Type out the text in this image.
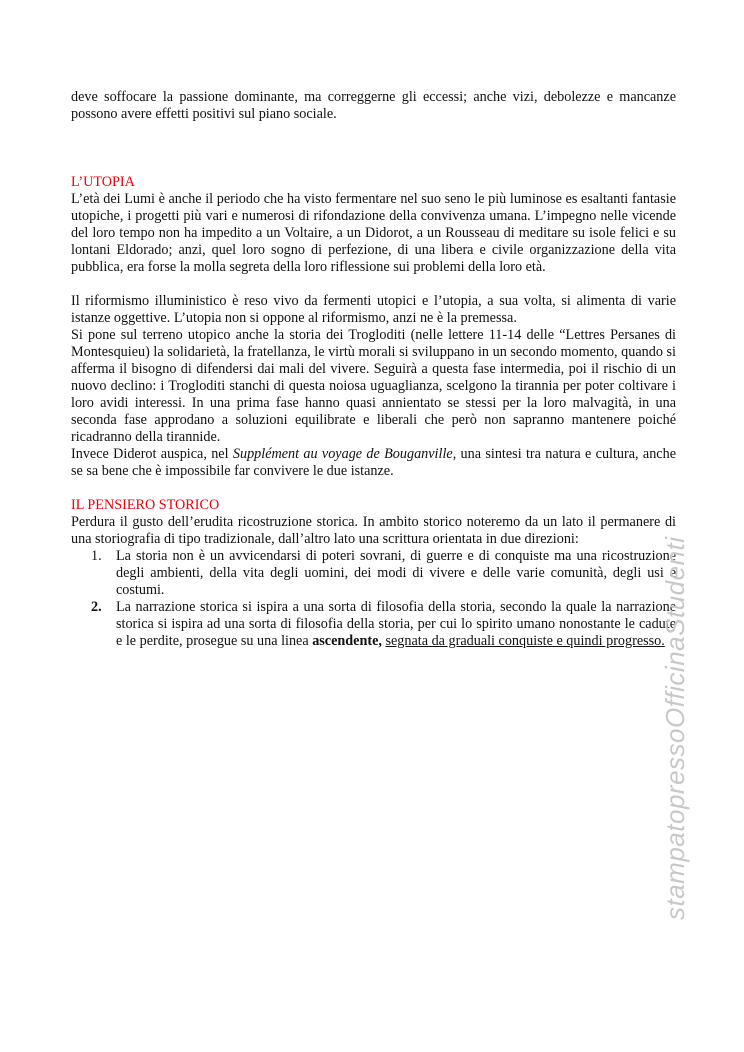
deve soffocare la passione dominante, ma correggerne gli eccessi; anche vizi, debolezze e mancanze possono avere effetti positivi sul piano sociale.

L’UTOPIA

L’età dei Lumi è anche il periodo che ha visto fermentare nel suo seno le più luminose es esaltanti fantasie utopiche, i progetti più vari e numerosi di rifondazione della convivenza umana. L’impegno nelle vicende del loro tempo non ha impedito a un Voltaire, a un Didorot, a un Rousseau di meditare su isole felici e su lontani Eldorado; anzi, quel loro sogno di perfezione, di una libera e civile organizzazione della vita pubblica, era forse la molla segreta della loro riflessione sui problemi della loro età.

Il riformismo illuministico è reso vivo da fermenti utopici e l’utopia, a sua volta, si alimenta di varie istanze oggettive. L’utopia non si oppone al riformismo, anzi ne è la premessa.

Si pone sul terreno utopico anche la storia dei Trogloditi (nelle lettere 11-14 delle “Lettres Persanes di Montesquieu) la solidarietà, la fratellanza, le virtù morali si sviluppano in un secondo momento, quando si afferma il bisogno di difendersi dai mali del vivere. Seguirà a questa fase intermedia, poi il rischio di un nuovo declino: i Trogloditi stanchi di questa noiosa uguaglianza, scelgono la tirannia per poter coltivare i loro avidi interessi. In una prima fase hanno quasi annientato se stessi per la loro malvagità, in una seconda fase approdano a soluzioni equilibrate e liberali che però non sapranno mantenere poiché ricadranno della tirannide.

Invece Diderot auspica, nel Supplément au voyage de Bouganville, una sintesi tra natura e cultura, anche se sa bene che è impossibile far convivere le due istanze.

IL PENSIERO STORICO

Perdura il gusto dell’erudita ricostruzione storica. In ambito storico noteremo da un lato il permanere di una storiografia di tipo tradizionale, dall’altro lato una scrittura orientata in due direzioni:

1. La storia non è un avvicendarsi di poteri sovrani, di guerre e di conquiste ma una ricostruzione degli ambienti, della vita degli uomini, dei modi di vivere e delle varie comunità, degli usi e costumi.
2. La narrazione storica si ispira a una sorta di filosofia della storia, secondo la quale la narrazione storica si ispira ad una sorta di filosofia della storia, per cui lo spirito umano nonostante le cadute e le perdite, prosegue su una linea ascendente, segnata da graduali conquiste e quindi progresso.
stampatopressoOfficinaStudenti
